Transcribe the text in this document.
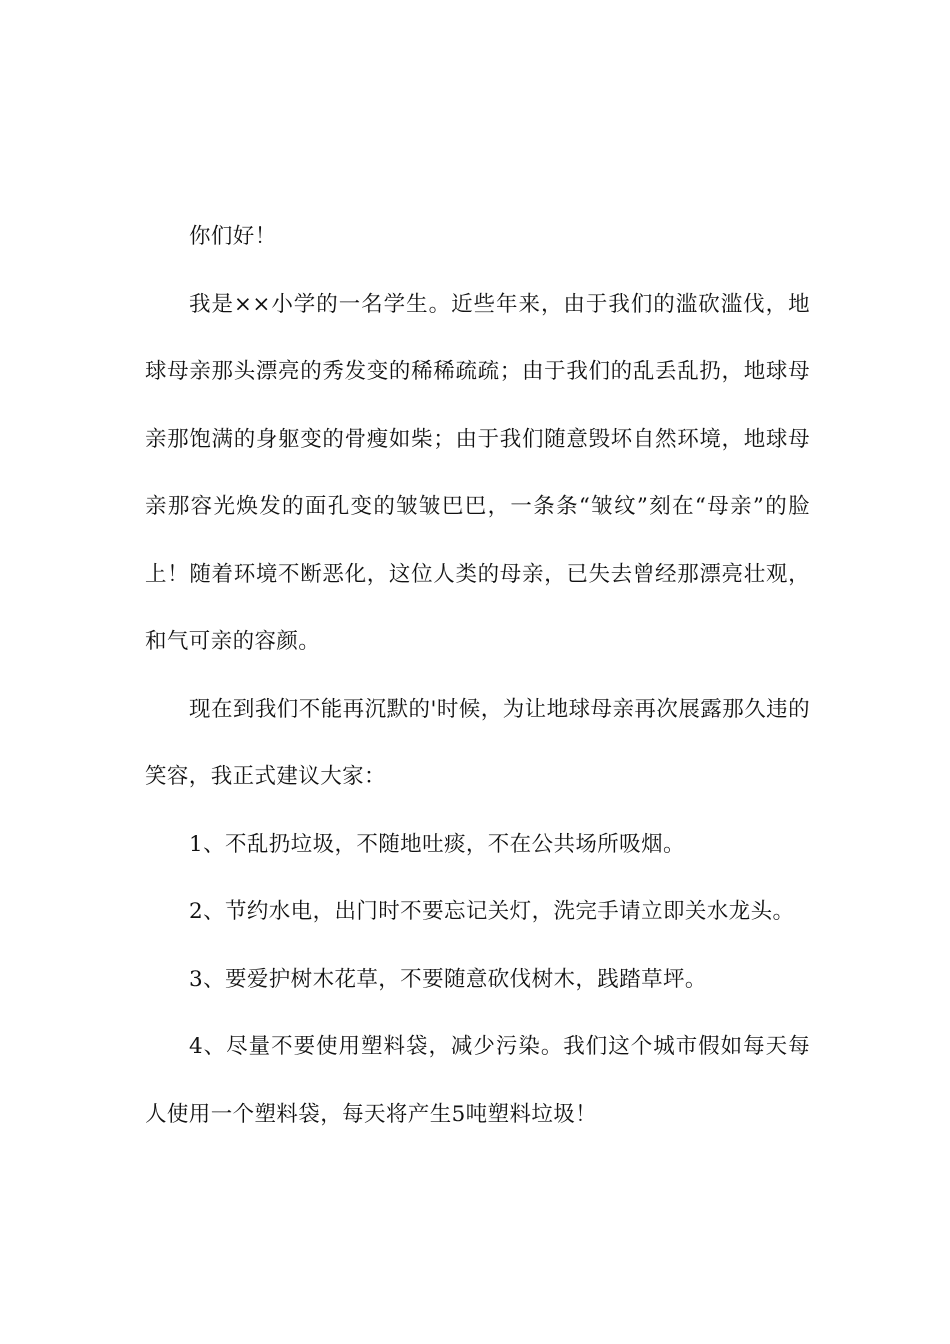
你们好！

我是××小学的一名学生。近些年来，由于我们的滥砍滥伐，地球母亲那头漂亮的秀发变的稀稀疏疏；由于我们的乱丢乱扔，地球母亲那饱满的身躯变的骨瘦如柴；由于我们随意毁坏自然环境，地球母亲那容光焕发的面孔变的皱皱巴巴，一条条“皱纹”刻在“母亲”的脸上！随着环境不断恶化，这位人类的母亲，已失去曾经那漂亮壮观，和气可亲的容颜。

现在到我们不能再沉默的'时候，为让地球母亲再次展露那久违的笑容，我正式建议大家：

1、不乱扔垃圾，不随地吐痰，不在公共场所吸烟。

2、节约水电，出门时不要忘记关灯，洗完手请立即关水龙头。

3、要爱护树木花草，不要随意砍伐树木，践踏草坪。

4、尽量不要使用塑料袋，减少污染。我们这个城市假如每天每人使用一个塑料袋，每天将产生5吨塑料垃圾！
